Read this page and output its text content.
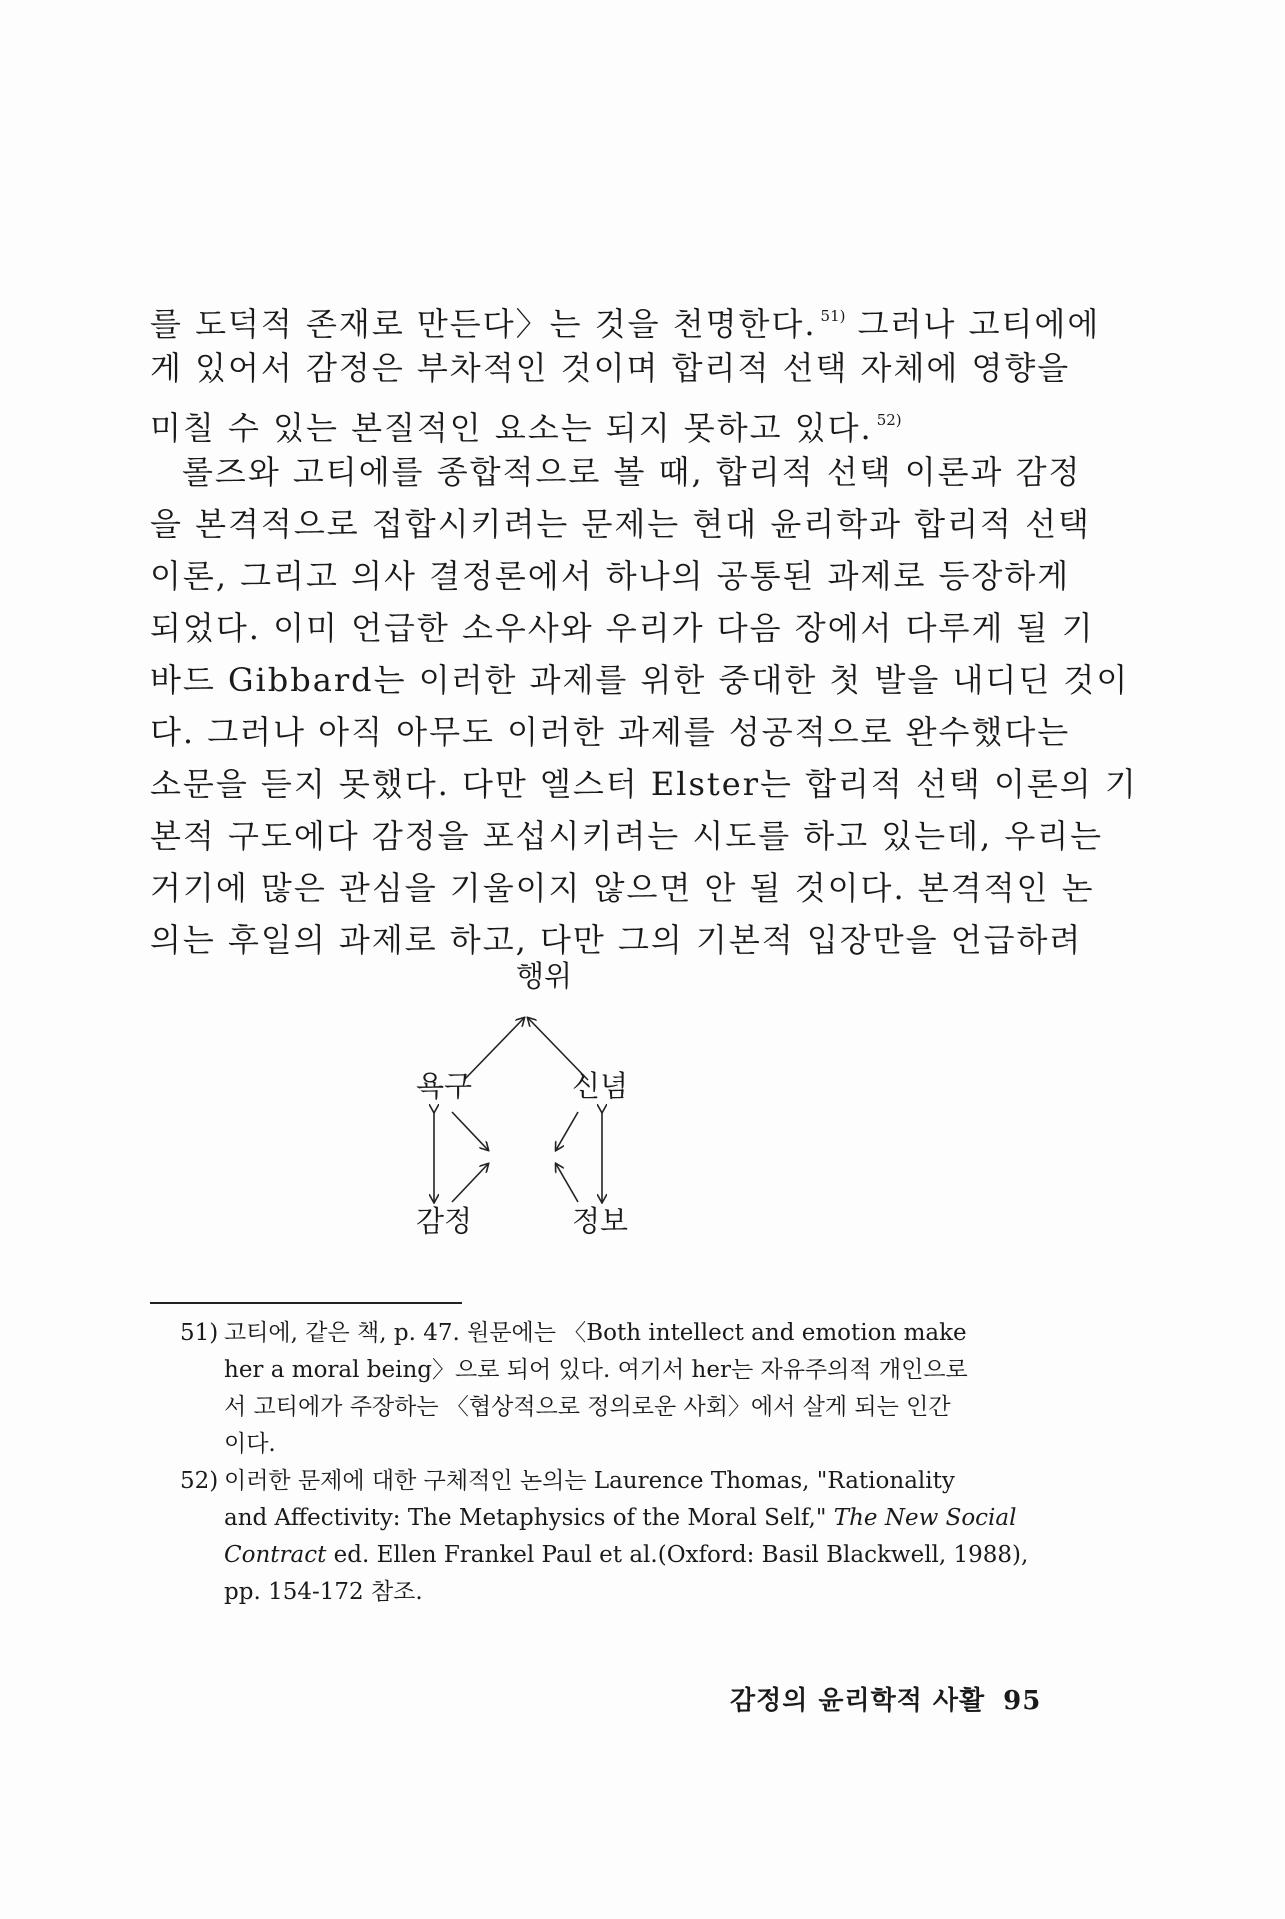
를 도덕적 존재로 만든다〉는 것을 천명한다. $^{51)}$ 그러나 고티에에
게 있어서 감정은 부차적인 것이며 합리적 선택 자체에 영향을
미칠 수 있는 본질적인 요소는 되지 못하고 있다. $^{52)}$
롤즈와 고티에를 종합적으로 볼 때, 합리적 선택 이론과 감정
을 본격적으로 접합시키려는 문제는 현대 윤리학과 합리적 선택
이론, 그리고 의사 결정론에서 하나의 공통된 과제로 등장하게
되었다. 이미 언급한 소우사와 우리가 다음 장에서 다루게 될 기
바드 Gibbard는 이러한 과제를 위한 중대한 첫 발을 내디딘 것이
다. 그러나 아직 아무도 이러한 과제를 성공적으로 완수했다는
소문을 듣지 못했다. 다만 엘스터 Elster는 합리적 선택 이론의 기
본적 구도에다 감정을 포섭시키려는 시도를 하고 있는데, 우리는
거기에 많은 관심을 기울이지 않으면 안 될 것이다. 본격적인 논
의는 후일의 과제로 하고, 다만 그의 기본적 입장만을 언급하려
행위
욕구	신념
감정	정보
51) 고티에, 같은 책, p. 47. 원문에는 〈Both intellect and emotion make
her a moral being〉으로 되어 있다. 여기서 her는 자유주의적 개인으로
서 고티에가 주장하는 〈협상적으로 정의로운 사회〉에서 살게 되는 인간
이다.
52) 이러한 문제에 대한 구체적인 논의는 Laurence Thomas, "Rationality
and Affectivity: The Metaphysics of the Moral Self," The New Social
Contract ed. Ellen Frankel Paul et al.(Oxford: Basil Blackwell, 1988),
pp. 154-172 참조.
감정의 윤리학적 사활 95
